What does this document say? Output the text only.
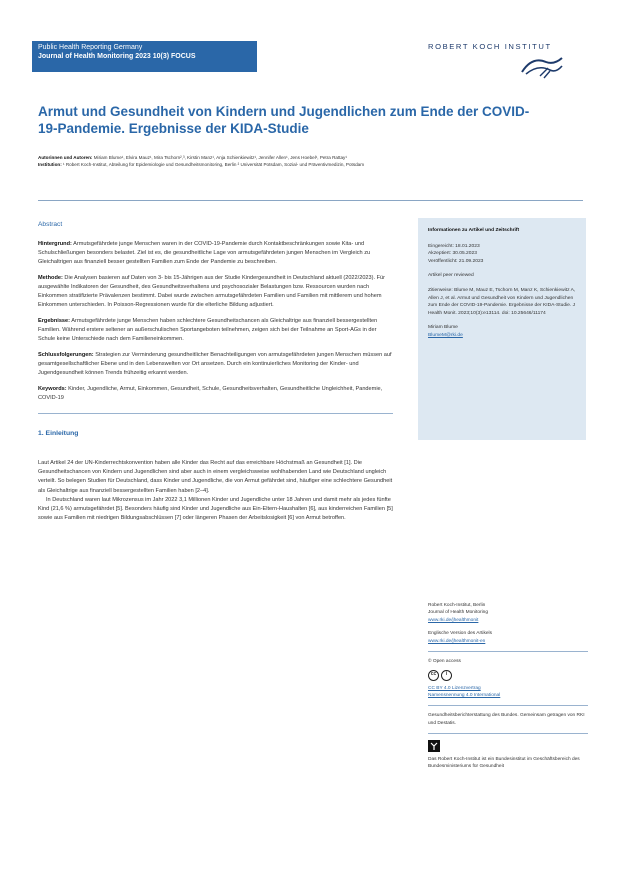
Public Health Reporting Germany
Journal of Health Monitoring 2023 10(3) FOCUS
ROBERT KOCH INSTITUT
Armut und Gesundheit von Kindern und Jugendlichen zum Ende der COVID-19-Pandemie. Ergebnisse der KIDA-Studie
Autorinnen und Autoren: Miriam Blume¹, Elvira Mauz¹, Mira Tschorn²,³, Kirstin Manz¹, Anja Schienkiewitz¹, Jennifer Allen¹, Jens Hoebel¹, Petra Rattay¹
Institution: ¹ Robert Koch-Institut, Abteilung für Epidemiologie und Gesundheitsmonitoring, Berlin ² Universität Potsdam, Sozial- und Präventivmedizin, Potsdam
Abstract

Hintergrund: Armutsgefährdete junge Menschen waren in der COVID-19-Pandemie durch Kontaktbeschränkungen sowie Kita- und Schulschließungen besonders belastet. Ziel ist es, die gesundheitliche Lage von armutsgefährdeten jungen Menschen im Vergleich zu Gleichaltrigen aus finanziell besser gestellten Familien zum Ende der Pandemie zu beschreiben.

Methode: Die Analysen basieren auf Daten von 3- bis 15-Jährigen aus der Studie Kindergesundheit in Deutschland aktuell (2022/2023). Für ausgewählte Indikatoren der Gesundheit, des Gesundheitsverhaltens und psychosozialer Belastungen bzw. Ressourcen wurden nach Einkommen stratifizierte Prävalenzen bestimmt. Dabei wurde zwischen armutsgefährdeten Familien und Familien mit mittlerem und hohem Einkommen unterschieden. In Poisson-Regressionen wurde für die elterliche Bildung adjustiert.

Ergebnisse: Armutsgefährdete junge Menschen haben schlechtere Gesundheitschancen als Gleichaltrige aus finanziell bessergestellten Familien. Während erstere seltener an außerschulischen Sportangeboten teilnehmen, zeigen sich bei der Teilnahme an Sport-AGs in der Schule keine Unterschiede nach dem Familieneinkommen.

Schlussfolgerungen: Strategien zur Verminderung gesundheitlicher Benachteiligungen von armutsgefährdeten jungen Menschen müssen auf gesamtgesellschaftlicher Ebene und in den Lebenswelten vor Ort ansetzen. Durch ein kontinuierliches Monitoring der Kinder- und Jugendgesundheit können Trends frühzeitig erkannt werden.

Keywords: Kinder, Jugendliche, Armut, Einkommen, Gesundheit, Schule, Gesundheitsverhalten, Gesundheitliche Ungleichheit, Pandemie, COVID-19

1. Einleitung

Laut Artikel 24 der UN-Kinderrechtskonvention haben alle Kinder das Recht auf das erreichbare Höchstmaß an Gesundheit [1]. Die Gesundheitschancen von Kindern und Jugendlichen sind aber auch in einem vergleichsweise wohlhabenden Land wie Deutschland ungleich verteilt. So belegen Studien für Deutschland, dass Kinder und Jugendliche, die von Armut gefährdet sind, häufiger eine schlechtere Gesundheit als Gleichaltrige aus finanziell bessergestellten Familien haben [2–4].

In Deutschland waren laut Mikrozensus im Jahr 2022 3,1 Millionen Kinder und Jugendliche unter 18 Jahren und damit mehr als jedes fünfte Kind (21,6 %) armutsgefährdet [5]. Besonders häufig sind Kinder und Jugendliche aus Ein-Eltern-Haushalten [6], aus kinderreichen Familien [5] sowie aus Familien mit niedrigen Bildungsabschlüssen [7] oder längeren Phasen der Arbeitslosigkeit [6] von Armut betroffen.

Informationen zu Artikel und Zeitschrift
Eingereicht: 18.01.2023
Akzeptiert: 30.05.2023
Veröffentlicht: 21.09.2023
Artikel peer reviewed
Zitierweise: Blume M, Mauz E, Tschorn M, Manz K, Schienkiewitz A, Allen J, et al. Armut und Gesundheit von Kindern und Jugendlichen zum Ende der COVID-19-Pandemie. Ergebnisse der KIDA-Studie. J Health Monit. 2023;10(3):e13114. doi: 10.25646/11174
Miriam Blume
BlumeM@rki.de
Robert Koch-Institut, Berlin
Journal of Health Monitoring
www.rki.de/jhealthmonit
Englische Version des Artikels
www.rki.de/jhealthmonit-en
© Open access
cc	i
CC BY 4.0 Lizenzvertrag
Namensnennung 4.0 International
Gesundheitsberichterstattung des Bundes. Gemeinsam getragen von RKI und Destatis.
Das Robert Koch-Institut ist ein Bundesinstitut im Geschäftsbereich des Bundesministeriums für Gesundheit
